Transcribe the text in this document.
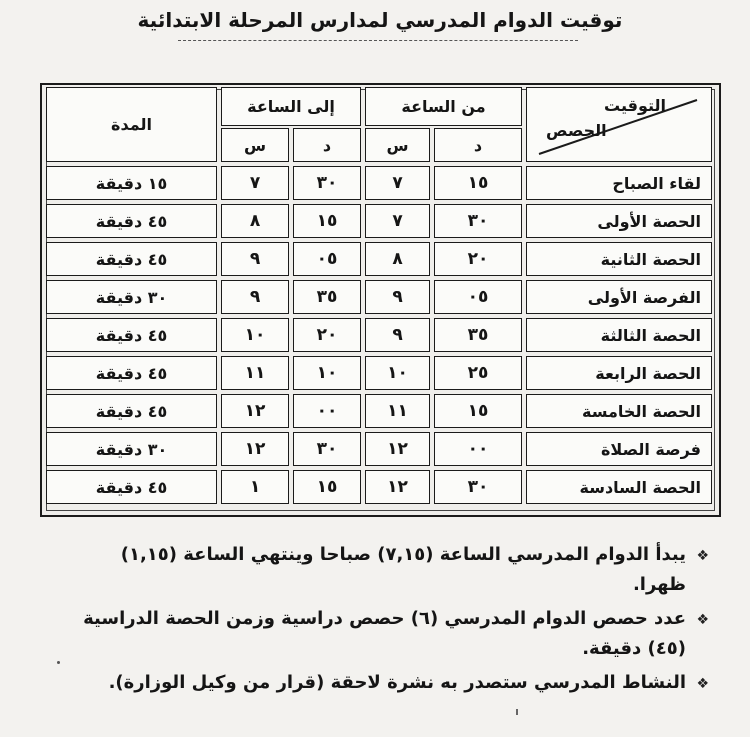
توقيت الدوام المدرسي لمدارس المرحلة الابتدائية
التوقيت
الحصص
من الساعة
إلى الساعة
المدة
د
س
د
س
لقاء الصباح
١٥
٧
٣٠
٧
١٥ دقيقة
الحصة الأولى
٣٠
٧
١٥
٨
٤٥ دقيقة
الحصة الثانية
٢٠
٨
٠٥
٩
٤٥ دقيقة
الفرصة الأولى
٠٥
٩
٣٥
٩
٣٠ دقيقة
الحصة الثالثة
٣٥
٩
٢٠
١٠
٤٥ دقيقة
الحصة الرابعة
٢٥
١٠
١٠
١١
٤٥ دقيقة
الحصة الخامسة
١٥
١١
٠٠
١٢
٤٥ دقيقة
فرصة الصلاة
٠٠
١٢
٣٠
١٢
٣٠ دقيقة
الحصة السادسة
٣٠
١٢
١٥
١
٤٥ دقيقة
❖
يبدأ الدوام المدرسي الساعة (٧,١٥) صباحا وينتهي الساعة (١,١٥) ظهرا.
❖
عدد حصص الدوام المدرسي (٦) حصص دراسية وزمن الحصة الدراسية (٤٥) دقيقة.
❖
النشاط المدرسي ستصدر به نشرة لاحقة (قرار من وكيل الوزارة).
